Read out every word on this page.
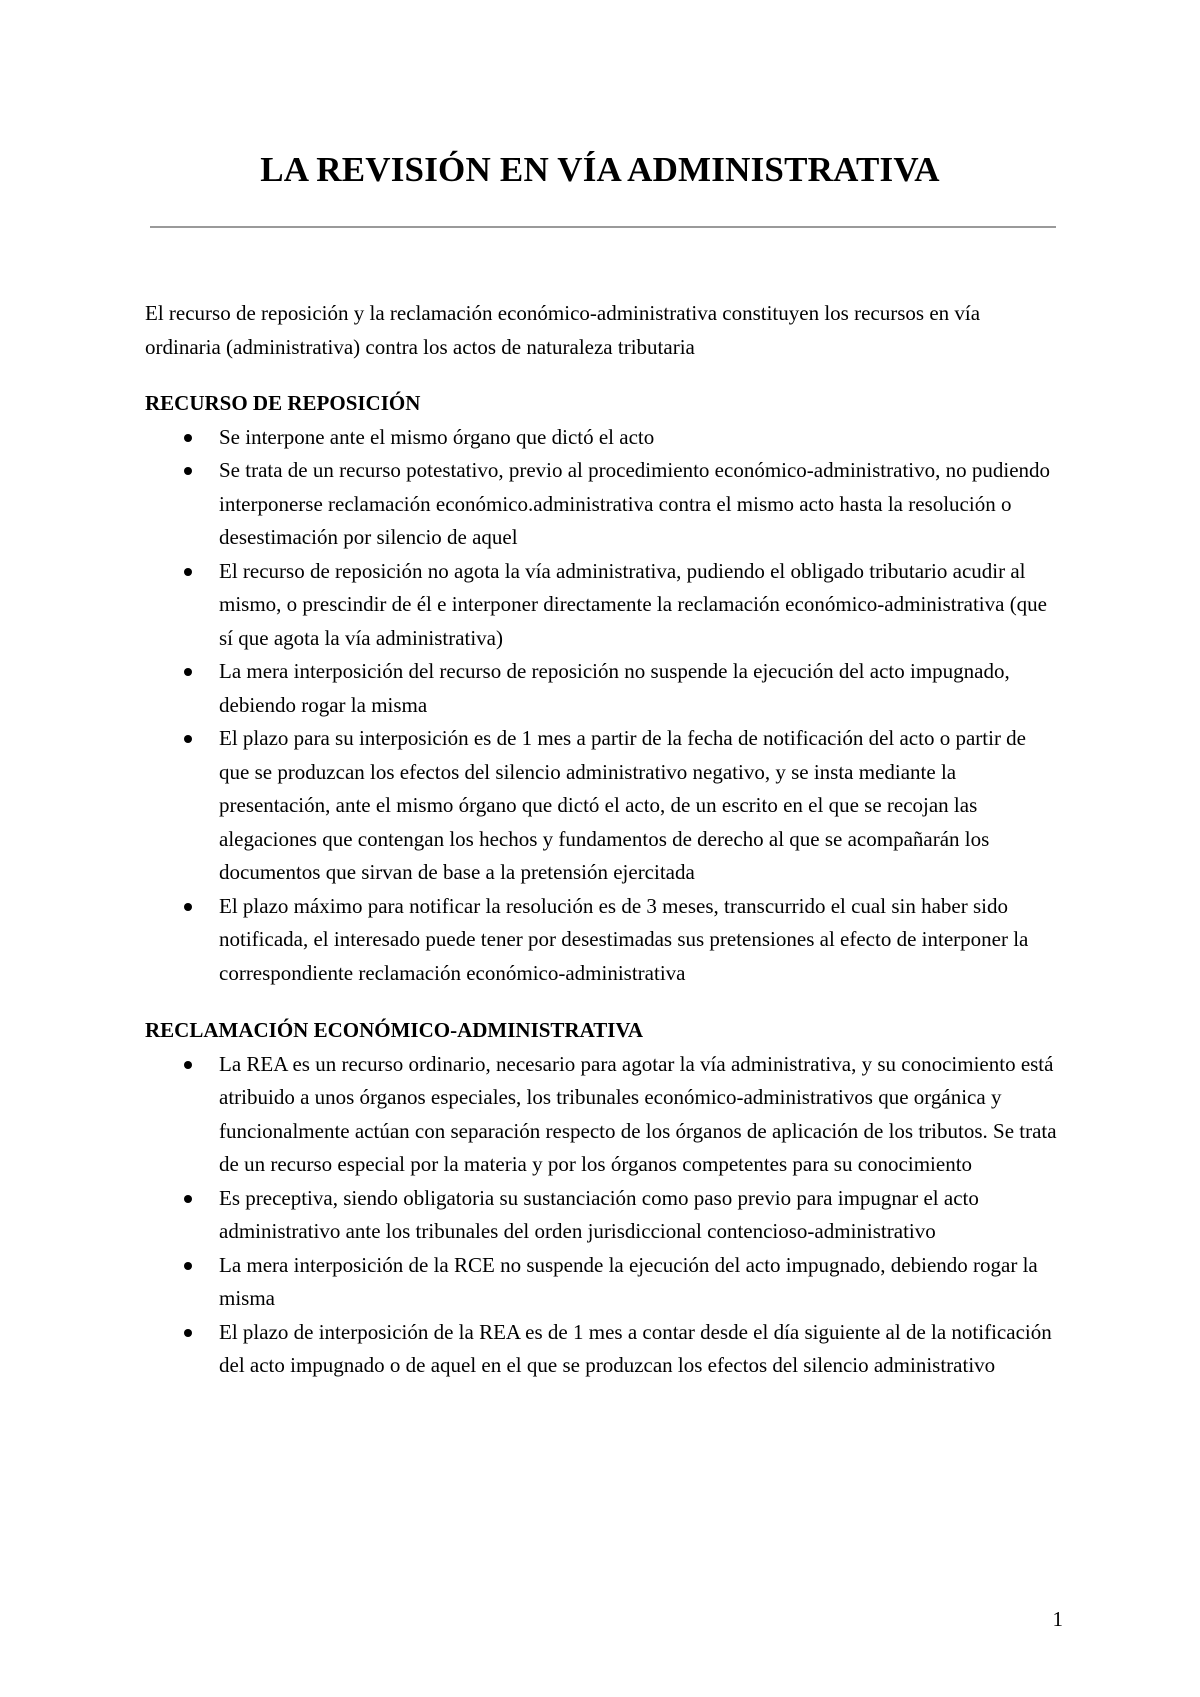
LA REVISIÓN EN VÍA ADMINISTRATIVA

El recurso de reposición y la reclamación económico-administrativa constituyen los recursos en vía ordinaria (administrativa) contra los actos de naturaleza tributaria

RECURSO DE REPOSICIÓN

Se interpone ante el mismo órgano que dictó el acto
Se trata de un recurso potestativo, previo al procedimiento económico-administrativo, no pudiendo interponerse reclamación económico.administrativa contra el mismo acto hasta la resolución o desestimación por silencio de aquel
El recurso de reposición no agota la vía administrativa, pudiendo el obligado tributario acudir al mismo, o prescindir de él e interponer directamente la reclamación económico-administrativa (que sí que agota la vía administrativa)
La mera interposición del recurso de reposición no suspende la ejecución del acto impugnado, debiendo rogar la misma
El plazo para su interposición es de 1 mes a partir de la fecha de notificación del acto o partir de que se produzcan los efectos del silencio administrativo negativo, y se insta mediante la presentación, ante el mismo órgano que dictó el acto, de un escrito en el que se recojan las alegaciones que contengan los hechos y fundamentos de derecho al que se acompañarán los documentos que sirvan de base a la pretensión ejercitada
El plazo máximo para notificar la resolución es de 3 meses, transcurrido el cual sin haber sido notificada, el interesado puede tener por desestimadas sus pretensiones al efecto de interponer la correspondiente reclamación económico-administrativa

RECLAMACIÓN ECONÓMICO-ADMINISTRATIVA

La REA es un recurso ordinario, necesario para agotar la vía administrativa, y su conocimiento está atribuido a unos órganos especiales, los tribunales económico-administrativos que orgánica y funcionalmente actúan con separación respecto de los órganos de aplicación de los tributos. Se trata de un recurso especial por la materia y por los órganos competentes para su conocimiento
Es preceptiva, siendo obligatoria su sustanciación como paso previo para impugnar el acto administrativo ante los tribunales del orden jurisdiccional contencioso-administrativo
La mera interposición de la RCE no suspende la ejecución del acto impugnado, debiendo rogar la misma
El plazo de interposición de la REA es de 1 mes a contar desde el día siguiente al de la notificación del acto impugnado o de aquel en el que se produzcan los efectos del silencio administrativo
1
